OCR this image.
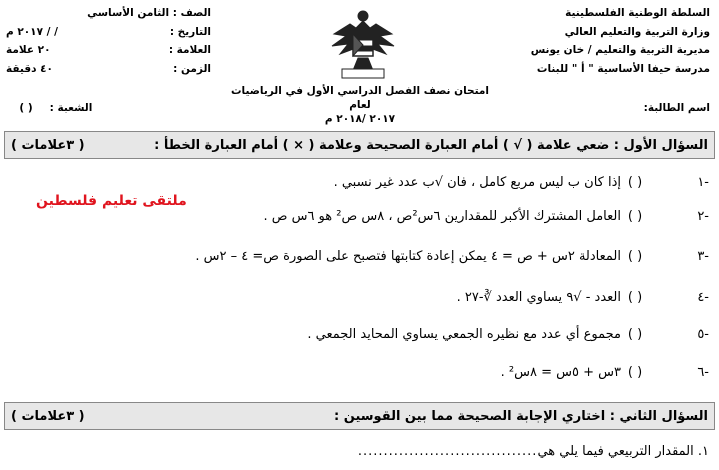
السلطة الوطنية الفلسطينية
وزارة التربية والتعليم العالي
مديرية التربية والتعليم / خان يونس
مدرسة حيفا الأساسية " أ " للبنات
الصف : الثامن الأساسي
التاريخ :
/ / ٢٠١٧ م
العلامة :
٢٠ علامة
الزمن :
٤٠ دقيقة
امتحان نصف الفصل الدراسي الأول في الرياضيات لعام
٢٠١٧ /٢٠١٨ م
اسم الطالبة:
الشعبة : ( )
السؤال الأول : ضعي علامة ( √ ) أمام العبارة الصحيحة وعلامة ( × ) أمام العبارة الخطأ :
( ٣علامات )
ملتقى تعليم فلسطين
-١
( )
إذا كان ب ليس مربع كامل ، فان √ب عدد غير نسبي .
-٢
( )
العامل المشترك الأكبر للمقدارين ٦س²ص ، ٨س ص² هو ٦س ص .
-٣
( )
المعادلة ٢س + ص = ٤ يمكن إعادة كتابتها فتصبح على الصورة ص= ٤ – ٢س .
-٤
( )
العدد - √٩ يساوي العدد ∛-٢٧ .
-٥
( )
مجموع أي عدد مع نظيره الجمعي يساوي المحايد الجمعي .
-٦
( )
٣س + ٥س = ٨س² .
السؤال الثاني : اختاري الإجابة الصحيحة مما بين القوسين :
( ٣علامات )
١. المقدار التربيعي فيما يلي هي
...................................
